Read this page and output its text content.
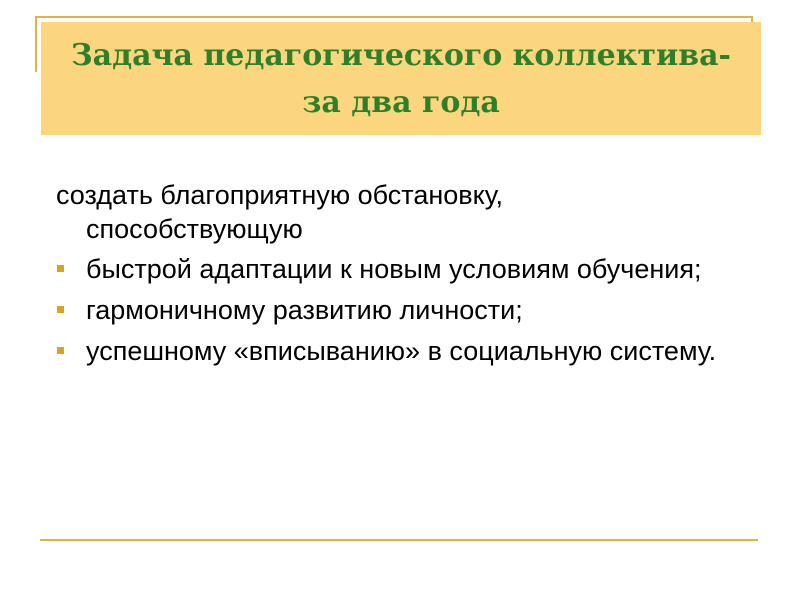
Задача педагогического коллектива-
за два года

создать благоприятную обстановку,
способствующую

быстрой адаптации к новым условиям обучения;
гармоничному развитию личности;
успешному «вписыванию» в социальную систему.
